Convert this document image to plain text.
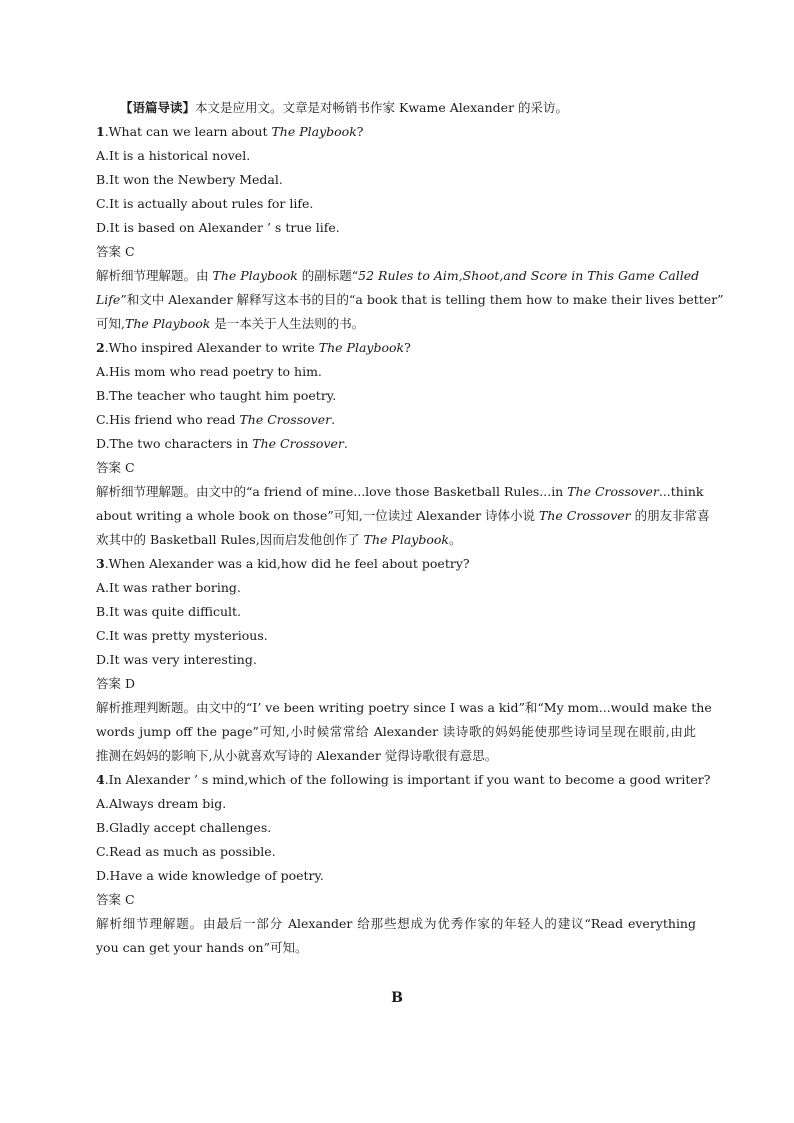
【语篇导读】本文是应用文。文章是对畅销书作家 Kwame Alexander 的采访。
1.What can we learn about The Playbook?
A.It is a historical novel.
B.It won the Newbery Medal.
C.It is actually about rules for life.
D.It is based on Alexander ’ s true life.
答案 C
解析细节理解题。由 The Playbook 的副标题“52 Rules to Aim,Shoot,and Score in This Game Called
Life”和文中 Alexander 解释写这本书的目的“a book that is telling them how to make their lives better”
可知,The Playbook 是一本关于人生法则的书。
2.Who inspired Alexander to write The Playbook?
A.His mom who read poetry to him.
B.The teacher who taught him poetry.
C.His friend who read The Crossover.
D.The two characters in The Crossover.
答案 C
解析细节理解题。由文中的“a friend of mine...love those Basketball Rules...in The Crossover...think
about writing a whole book on those”可知,一位读过 Alexander 诗体小说 The Crossover 的朋友非常喜
欢其中的 Basketball Rules,因而启发他创作了 The Playbook。
3.When Alexander was a kid,how did he feel about poetry?
A.It was rather boring.
B.It was quite difficult.
C.It was pretty mysterious.
D.It was very interesting.
答案 D
解析推理判断题。由文中的“I’ ve been writing poetry since I was a kid”和“My mom...would make the
words jump off the page”可知,小时候常常给 Alexander 读诗歌的妈妈能使那些诗词呈现在眼前,由此
推测在妈妈的影响下,从小就喜欢写诗的 Alexander 觉得诗歌很有意思。
4.In Alexander ’ s mind,which of the following is important if you want to become a good writer?
A.Always dream big.
B.Gladly accept challenges.
C.Read as much as possible.
D.Have a wide knowledge of poetry.
答案 C
解析细节理解题。由最后一部分 Alexander 给那些想成为优秀作家的年轻人的建议“Read everything
you can get your hands on”可知。
B
